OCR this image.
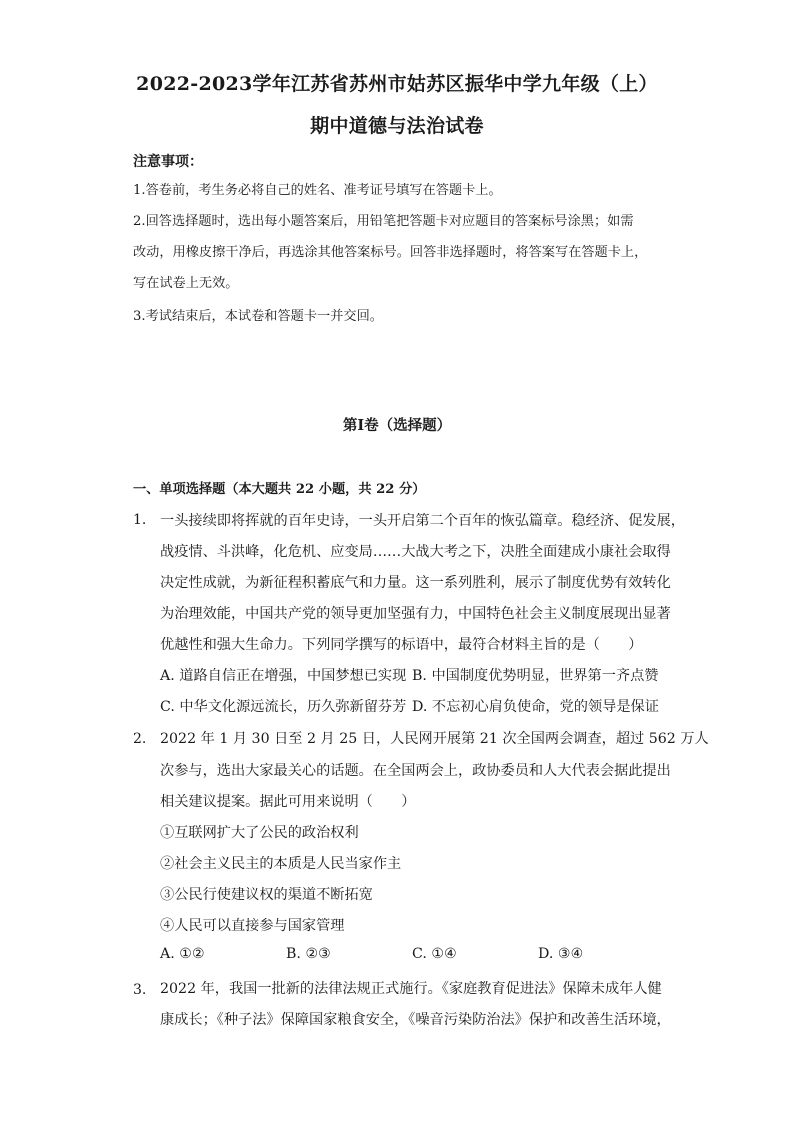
2022-2023学年江苏省苏州市姑苏区振华中学九年级（上）
期中道德与法治试卷
注意事项：
1.答卷前，考生务必将自己的姓名、准考证号填写在答题卡上。
2.回答选择题时，选出每小题答案后，用铅笔把答题卡对应题目的答案标号涂黑；如需
改动，用橡皮擦干净后，再选涂其他答案标号。回答非选择题时，将答案写在答题卡上，
写在试卷上无效。
3.考试结束后，本试卷和答题卡一并交回。
第I卷（选择题）
一、单项选择题（本大题共 22 小题，共 22 分）
1. 一头接续即将挥就的百年史诗，一头开启第二个百年的恢弘篇章。稳经济、促发展，
战疫情、斗洪峰，化危机、应变局……大战大考之下，决胜全面建成小康社会取得
决定性成就，为新征程积蓄底气和力量。这一系列胜利，展示了制度优势有效转化
为治理效能，中国共产党的领导更加坚强有力，中国特色社会主义制度展现出显著
优越性和强大生命力。下列同学撰写的标语中，最符合材料主旨的是（　　）
A. 道路自信正在增强，中国梦想已实现 B. 中国制度优势明显，世界第一齐点赞
C. 中华文化源远流长，历久弥新留芬芳 D. 不忘初心肩负使命，党的领导是保证
2. 2022 年 1 月 30 日至 2 月 25 日，人民网开展第 21 次全国两会调查，超过 562 万人
次参与，选出大家最关心的话题。在全国两会上，政协委员和人大代表会据此提出
相关建议提案。据此可用来说明（　　）
①互联网扩大了公民的政治权利
②社会主义民主的本质是人民当家作主
③公民行使建议权的渠道不断拓宽
④人民可以直接参与国家管理
A. ①②	B. ②③	C. ①④	D. ③④
3. 2022 年，我国一批新的法律法规正式施行。《家庭教育促进法》保障未成年人健
康成长；《种子法》保障国家粮食安全，《噪音污染防治法》保护和改善生活环境，
